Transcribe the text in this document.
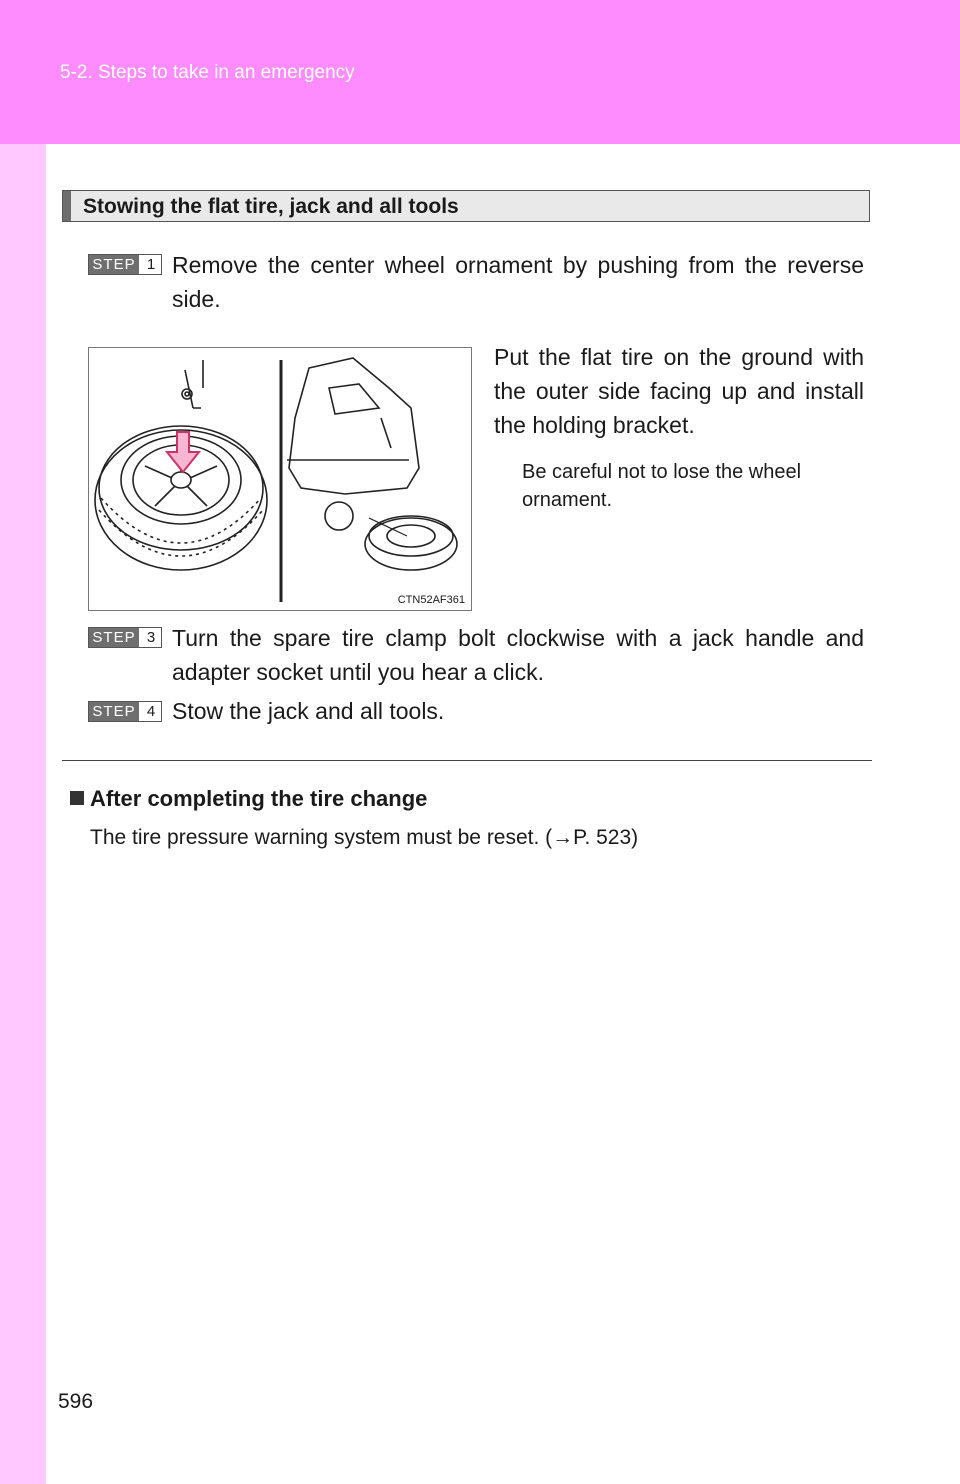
5-2. Steps to take in an emergency
596
Stowing the flat tire, jack and all tools
STEP 1 Remove the center wheel ornament by pushing from the reverse side.
Put the flat tire on the ground with the outer side facing up and install the holding bracket.
Be careful not to lose the wheel ornament.
CTN52AF361
STEP 3 Turn the spare tire clamp bolt clockwise with a jack handle and adapter socket until you hear a click.
STEP 4 Stow the jack and all tools.
After completing the tire change
The tire pressure warning system must be reset. (→P. 523)
